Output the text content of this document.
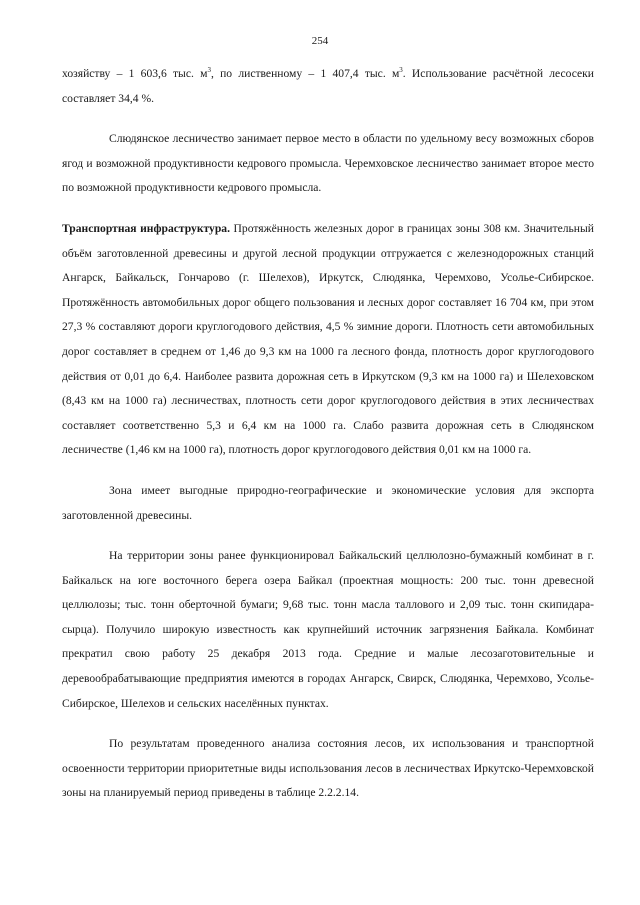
254

хозяйству – 1 603,6 тыс. $м^3$, по лиственному – 1 407,4 тыс. $м^3$. Использование расчётной лесосеки составляет 34,4 %.

Слюдянское лесничество занимает первое место в области по удельному весу возможных сборов ягод и возможной продуктивности кедрового промысла. Черемховское лесничество занимает второе место по возможной продуктивности кедрового промысла.

Транспортная инфраструктура. Протяжённость железных дорог в границах зоны 308 км. Значительный объём заготовленной древесины и другой лесной продукции отгружается с железнодорожных станций Ангарск, Байкальск, Гончарово (г. Шелехов), Иркутск, Слюдянка, Черемхово, Усолье-Сибирское. Протяжённость автомобильных дорог общего пользования и лесных дорог составляет 16 704 км, при этом 27,3 % составляют дороги круглогодового действия, 4,5 % зимние дороги. Плотность сети автомобильных дорог составляет в среднем от 1,46 до 9,3 км на 1000 га лесного фонда, плотность дорог круглогодового действия от 0,01 до 6,4. Наиболее развита дорожная сеть в Иркутском (9,3 км на 1000 га) и Шелеховском (8,43 км на 1000 га) лесничествах, плотность сети дорог круглогодового действия в этих лесничествах составляет соответственно 5,3 и 6,4 км на 1000 га. Слабо развита дорожная сеть в Слюдянском лесничестве (1,46 км на 1000 га), плотность дорог круглогодового действия 0,01 км на 1000 га.

Зона имеет выгодные природно-географические и экономические условия для экспорта заготовленной древесины.

На территории зоны ранее функционировал Байкальский целлюлозно-бумажный комбинат в г. Байкальск на юге восточного берега озера Байкал (проектная мощность: 200 тыс. тонн древесной целлюлозы; тыс. тонн оберточной бумаги; 9,68 тыс. тонн масла таллового и 2,09 тыс. тонн скипидара-сырца). Получило широкую известность как крупнейший источник загрязнения Байкала. Комбинат прекратил свою работу 25 декабря 2013 года. Средние и малые лесозаготовительные и деревообрабатывающие предприятия имеются в городах Ангарск, Свирск, Слюдянка, Черемхово, Усолье-Сибирское, Шелехов и сельских населённых пунктах.

По результатам проведенного анализа состояния лесов, их использования и транспортной освоенности территории приоритетные виды использования лесов в лесничествах Иркутско-Черемховской зоны на планируемый период приведены в таблице 2.2.2.14.
